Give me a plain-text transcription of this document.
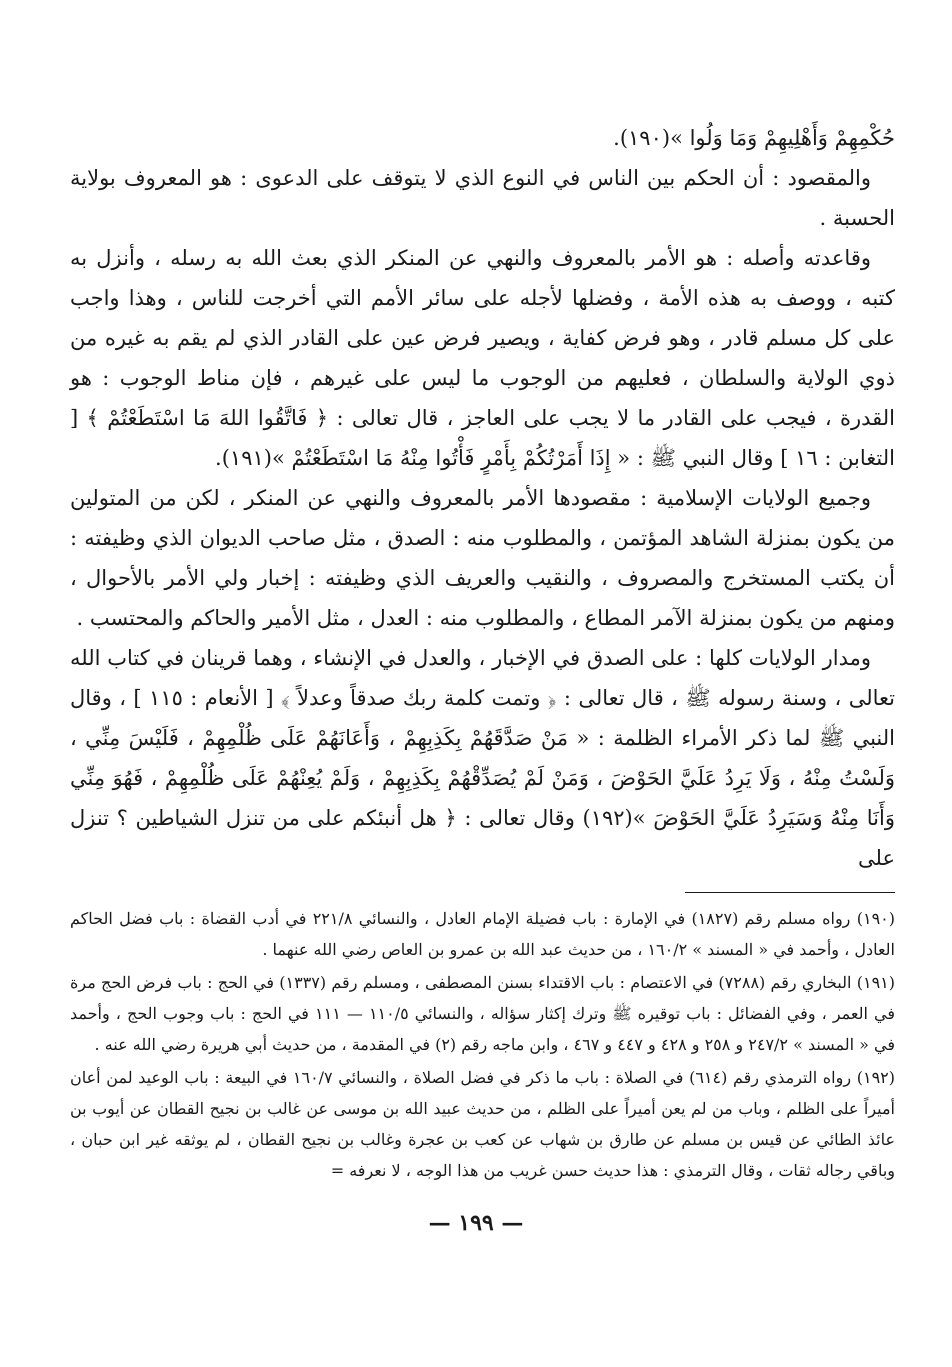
حُكْمِهِمْ وَأَهْلِيهِمْ وَمَا وَلُوا »(١٩٠).

والمقصود : أن الحكم بين الناس في النوع الذي لا يتوقف على الدعوى : هو المعروف بولاية الحسبة .

وقاعدته وأصله : هو الأمر بالمعروف والنهي عن المنكر الذي بعث الله به رسله ، وأنزل به كتبه ، ووصف به هذه الأمة ، وفضلها لأجله على سائر الأمم التي أخرجت للناس ، وهذا واجب على كل مسلم قادر ، وهو فرض كفاية ، ويصير فرض عين على القادر الذي لم يقم به غيره من ذوي الولاية والسلطان ، فعليهم من الوجوب ما ليس على غيرهم ، فإن مناط الوجوب : هو القدرة ، فيجب على القادر ما لا يجب على العاجز ، قال تعالى : ﴿ فَاتَّقُوا اللهَ مَا اسْتَطَعْتُمْ ﴾ [ التغابن : ١٦ ] وقال النبي ﷺ : « إِذَا أَمَرْتُكُمْ بِأَمْرٍ فَأْتُوا مِنْهُ مَا اسْتَطَعْتُمْ »(١٩١).

وجميع الولايات الإسلامية : مقصودها الأمر بالمعروف والنهي عن المنكر ، لكن من المتولين من يكون بمنزلة الشاهد المؤتمن ، والمطلوب منه : الصدق ، مثل صاحب الديوان الذي وظيفته : أن يكتب المستخرج والمصروف ، والنقيب والعريف الذي وظيفته : إخبار ولي الأمر بالأحوال ، ومنهم من يكون بمنزلة الآمر المطاع ، والمطلوب منه : العدل ، مثل الأمير والحاكم والمحتسب .

ومدار الولايات كلها : على الصدق في الإخبار ، والعدل في الإنشاء ، وهما قرينان في كتاب الله تعالى ، وسنة رسوله ﷺ ، قال تعالى : ﴿ وتمت كلمة ربك صدقاً وعدلاً ﴾ [ الأنعام : ١١٥ ] ، وقال النبي ﷺ لما ذكر الأمراء الظلمة : « مَنْ صَدَّقَهُمْ بِكَذِبِهِمْ ، وَأَعَانَهُمْ عَلَى ظُلْمِهِمْ ، فَلَيْسَ مِنِّي ، وَلَسْتُ مِنْهُ ، وَلَا يَرِدُ عَلَيَّ الحَوْضَ ، وَمَنْ لَمْ يُصَدِّقْهُمْ بِكَذِبِهِمْ ، وَلَمْ يُعِنْهُمْ عَلَى ظُلْمِهِمْ ، فَهُوَ مِنِّي وَأَنَا مِنْهُ وَسَيَرِدُ عَلَيَّ الحَوْضَ »(١٩٢) وقال تعالى : ﴿ هل أنبئكم على من تنزل الشياطين ؟ تنزل على

(١٩٠) رواه مسلم رقم (١٨٢٧) في الإمارة : باب فضيلة الإمام العادل ، والنسائي ٢٢١/٨ في أدب القضاة : باب فضل الحاكم العادل ، وأحمد في « المسند » ١٦٠/٢ ، من حديث عبد الله بن عمرو بن العاص رضي الله عنهما .

(١٩١) البخاري رقم (٧٢٨٨) في الاعتصام : باب الاقتداء بسنن المصطفى ، ومسلم رقم (١٣٣٧) في الحج : باب فرض الحج مرة في العمر ، وفي الفضائل : باب توقيره ﷺ وترك إكثار سؤاله ، والنسائي ١١٠/٥ — ١١١ في الحج : باب وجوب الحج ، وأحمد في « المسند » ٢٤٧/٢ و ٢٥٨ و ٤٢٨ و ٤٤٧ و ٤٦٧ ، وابن ماجه رقم (٢) في المقدمة ، من حديث أبي هريرة رضي الله عنه .

(١٩٢) رواه الترمذي رقم (٦١٤) في الصلاة : باب ما ذكر في فضل الصلاة ، والنسائي ١٦٠/٧ في البيعة : باب الوعيد لمن أعان أميراً على الظلم ، وباب من لم يعن أميراً على الظلم ، من حديث عبيد الله بن موسى عن غالب بن نجيح القطان عن أيوب بن عائذ الطائي عن قيس بن مسلم عن طارق بن شهاب عن كعب بن عجرة وغالب بن نجيح القطان ، لم يوثقه غير ابن حبان ، وباقي رجاله ثقات ، وقال الترمذي : هذا حديث حسن غريب من هذا الوجه ، لا نعرفه =

— ١٩٩ —
